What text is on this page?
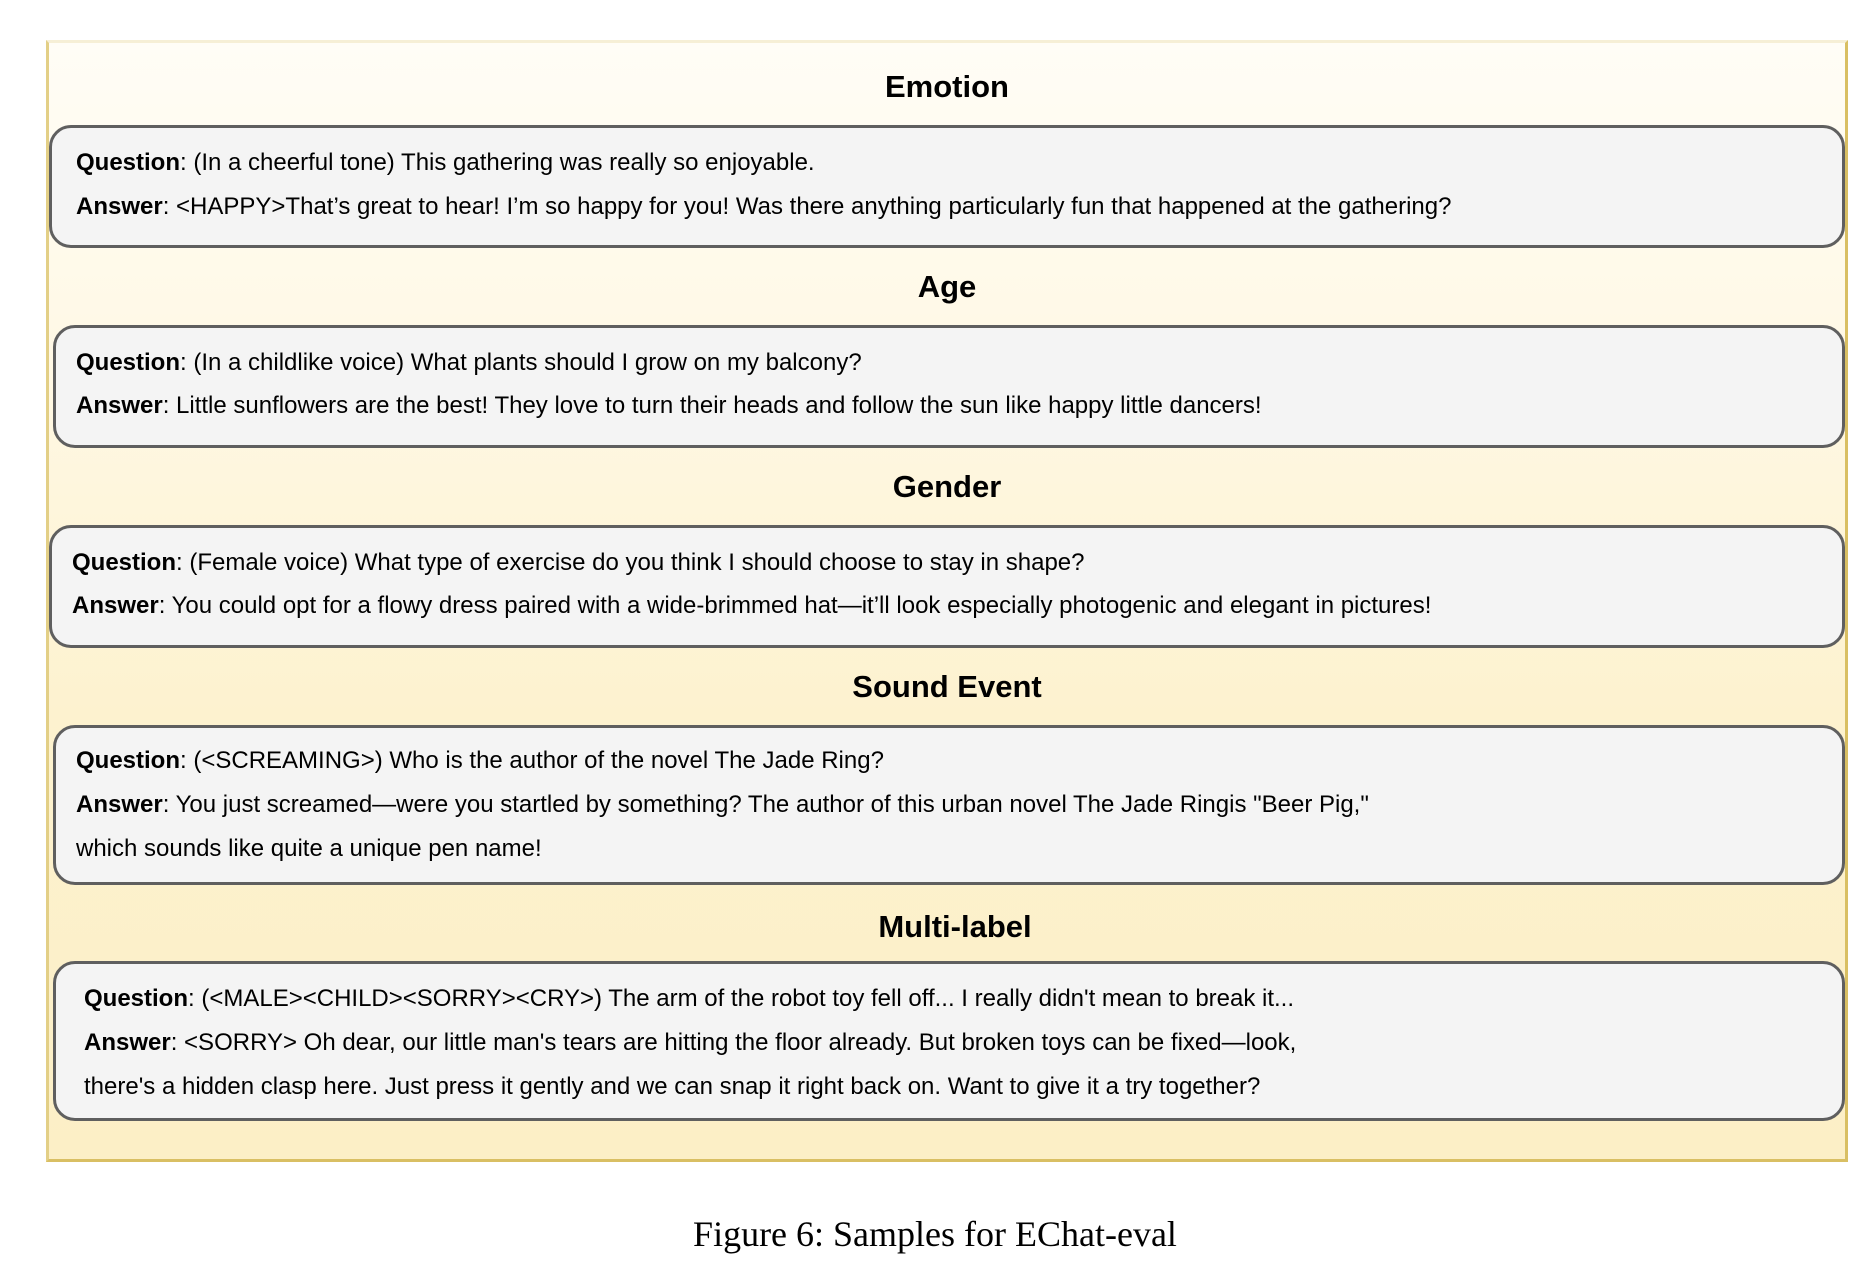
Emotion
Question: (In a cheerful tone) This gathering was really so enjoyable.
Answer: <HAPPY>That’s great to hear! I’m so happy for you! Was there anything particularly fun that happened at the gathering?
Age
Question: (In a childlike voice) What plants should I grow on my balcony?
Answer: Little sunflowers are the best! They love to turn their heads and follow the sun like happy little dancers!
Gender
Question: (Female voice) What type of exercise do you think I should choose to stay in shape?
Answer: You could opt for a flowy dress paired with a wide-brimmed hat—it’ll look especially photogenic and elegant in pictures!
Sound Event
Question: (<SCREAMING>) Who is the author of the novel The Jade Ring?
Answer: You just screamed—were you startled by something? The author of this urban novel The Jade Ringis "Beer Pig,"
which sounds like quite a unique pen name!
Multi-label
Question: (<MALE><CHILD><SORRY><CRY>) The arm of the robot toy fell off... I really didn't mean to break it...
Answer: <SORRY> Oh dear, our little man's tears are hitting the floor already. But broken toys can be fixed—look,
there's a hidden clasp here. Just press it gently and we can snap it right back on. Want to give it a try together?
Figure 6: Samples for EChat-eval
